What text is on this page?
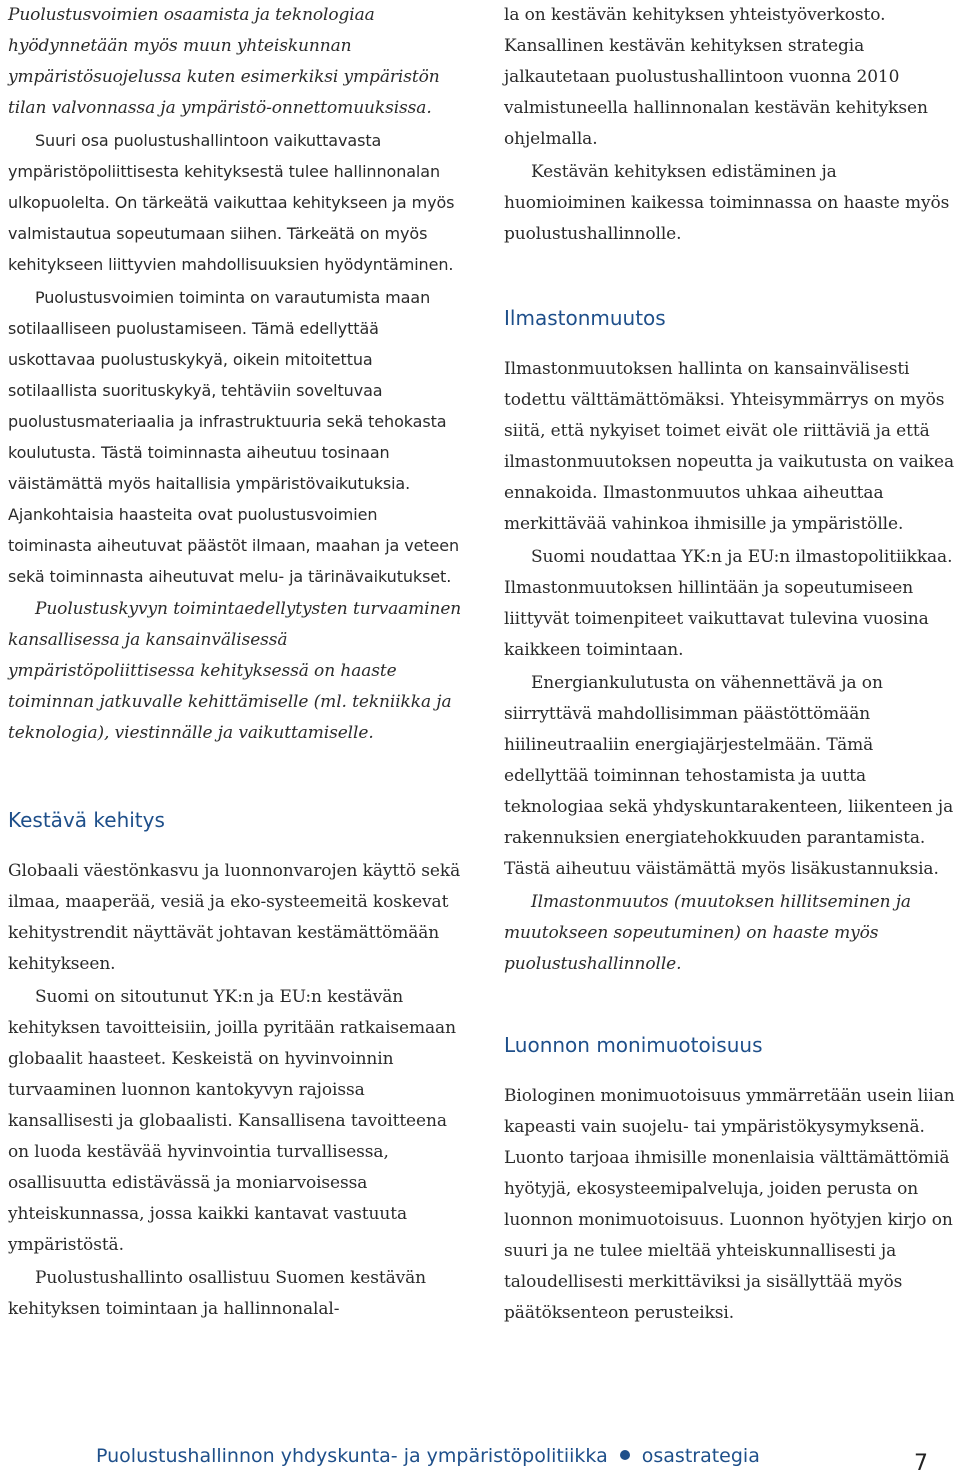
Puolustusvoimien osaamista ja teknologiaa hyödynnetään myös muun yhteiskunnan ympäristösuojelussa kuten esimerkiksi ympäristön tilan valvonnassa ja ympäristö-onnettomuuksissa.

Suuri osa puolustushallintoon vaikuttavasta ympäristöpoliittisesta kehityksestä tulee hallinnonalan ulkopuolelta. On tärkeätä vaikuttaa kehitykseen ja myös valmistautua sopeutumaan siihen. Tärkeätä on myös kehitykseen liittyvien mahdollisuuksien hyödyntäminen.

Puolustusvoimien toiminta on varautumista maan sotilaalliseen puolustamiseen. Tämä edellyttää uskottavaa puolustuskykyä, oikein mitoitettua sotilaallista suorituskykyä, tehtäviin soveltuvaa puolustusmateriaalia ja infrastruktuuria sekä tehokasta koulutusta. Tästä toiminnasta aiheutuu tosinaan väistämättä myös haitallisia ympäristövaikutuksia. Ajankohtaisia haasteita ovat puolustusvoimien toiminasta aiheutuvat päästöt ilmaan, maahan ja veteen sekä toiminnasta aiheutuvat melu- ja tärinävaikutukset.

Puolustuskyvyn toimintaedellytysten turvaaminen kansallisessa ja kansainvälisessä ympäristöpoliittisessa kehityksessä on haaste toiminnan jatkuvalle kehittämiselle (ml. tekniikka ja teknologia), viestinnälle ja vaikuttamiselle.

Kestävä kehitys

Globaali väestönkasvu ja luonnonvarojen käyttö sekä ilmaa, maaperää, vesiä ja eko-systeemeitä koskevat kehitystrendit näyttävät johtavan kestämättömään kehitykseen.

Suomi on sitoutunut YK:n ja EU:n kestävän kehityksen tavoitteisiin, joilla pyritään ratkaisemaan globaalit haasteet. Keskeistä on hyvinvoinnin turvaaminen luonnon kantokyvyn rajoissa kansallisesti ja globaalisti. Kansallisena tavoitteena on luoda kestävää hyvinvointia turvallisessa, osallisuutta edistävässä ja moniarvoisessa yhteiskunnassa, jossa kaikki kantavat vastuuta ympäristöstä.

Puolustushallinto osallistuu Suomen kestävän kehityksen toimintaan ja hallinnonalal-

la on kestävän kehityksen yhteistyöverkosto. Kansallinen kestävän kehityksen strategia jalkautetaan puolustushallintoon vuonna 2010 valmistuneella hallinnonalan kestävän kehityksen ohjelmalla.

Kestävän kehityksen edistäminen ja huomioiminen kaikessa toiminnassa on haaste myös puolustushallinnolle.

Ilmastonmuutos

Ilmastonmuutoksen hallinta on kansainvälisesti todettu välttämättömäksi. Yhteisymmärrys on myös siitä, että nykyiset toimet eivät ole riittäviä ja että ilmastonmuutoksen nopeutta ja vaikutusta on vaikea ennakoida. Ilmastonmuutos uhkaa aiheuttaa merkittävää vahinkoa ihmisille ja ympäristölle.

Suomi noudattaa YK:n ja EU:n ilmastopolitiikkaa. Ilmastonmuutoksen hillintään ja sopeutumiseen liittyvät toimenpiteet vaikuttavat tulevina vuosina kaikkeen toimintaan.

Energiankulutusta on vähennettävä ja on siirryttävä mahdollisimman päästöttömään hiilineutraaliin energiajärjestelmään. Tämä edellyttää toiminnan tehostamista ja uutta teknologiaa sekä yhdyskuntarakenteen, liikenteen ja rakennuksien energiatehokkuuden parantamista. Tästä aiheutuu väistämättä myös lisäkustannuksia.

Ilmastonmuutos (muutoksen hillitseminen ja muutokseen sopeutuminen) on haaste myös puolustushallinnolle.

Luonnon monimuotoisuus

Biologinen monimuotoisuus ymmärretään usein liian kapeasti vain suojelu- tai ympäristökysymyksenä. Luonto tarjoaa ihmisille monenlaisia välttämättömiä hyötyjä, ekosysteemipalveluja, joiden perusta on luonnon monimuotoisuus. Luonnon hyötyjen kirjo on suuri ja ne tulee mieltää yhteiskunnallisesti ja taloudellisesti merkittäviksi ja sisällyttää myös päätöksenteon perusteiksi.

Puolustushallinnon yhdyskunta- ja ympäristöpolitiikka osastrategia	7
